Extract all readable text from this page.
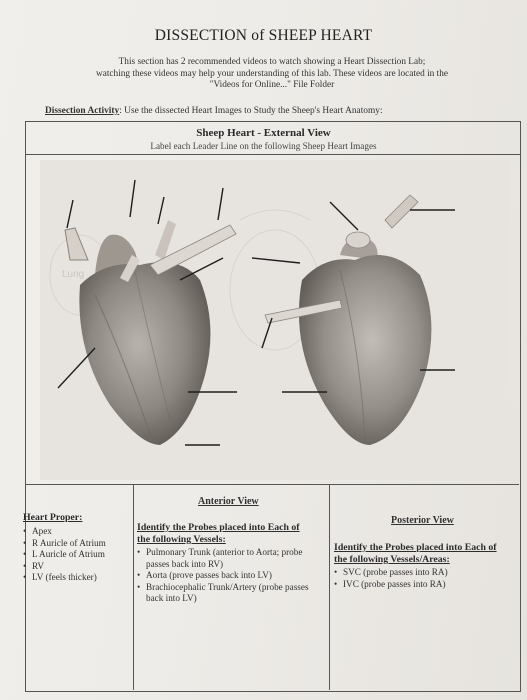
DISSECTION of SHEEP HEART
This section has 2 recommended videos to watch showing a Heart Dissection Lab;
watching these videos may help your understanding of this lab. These videos are located in the
"Videos for Online..." File Folder
Dissection Activity: Use the dissected Heart Images to Study the Sheep's Heart Anatomy:
Sheep Heart - External View
Label each Leader Line on the following Sheep Heart Images
Lung
Heart Proper:
• Apex
• R Auricle of Atrium
• L Auricle of Atrium
• RV
• LV (feels thicker)
Anterior View
Identify the Probes placed into Each of
the following Vessels:
• Pulmonary Trunk (anterior to Aorta; probe passes back into RV)
• Aorta (prove passes back into LV)
• Brachiocephalic Trunk/Artery (probe passes back into LV)
Posterior View
Identify the Probes placed into Each of
the following Vessels/Areas:
• SVC (probe passes into RA)
• IVC (probe passes into RA)
